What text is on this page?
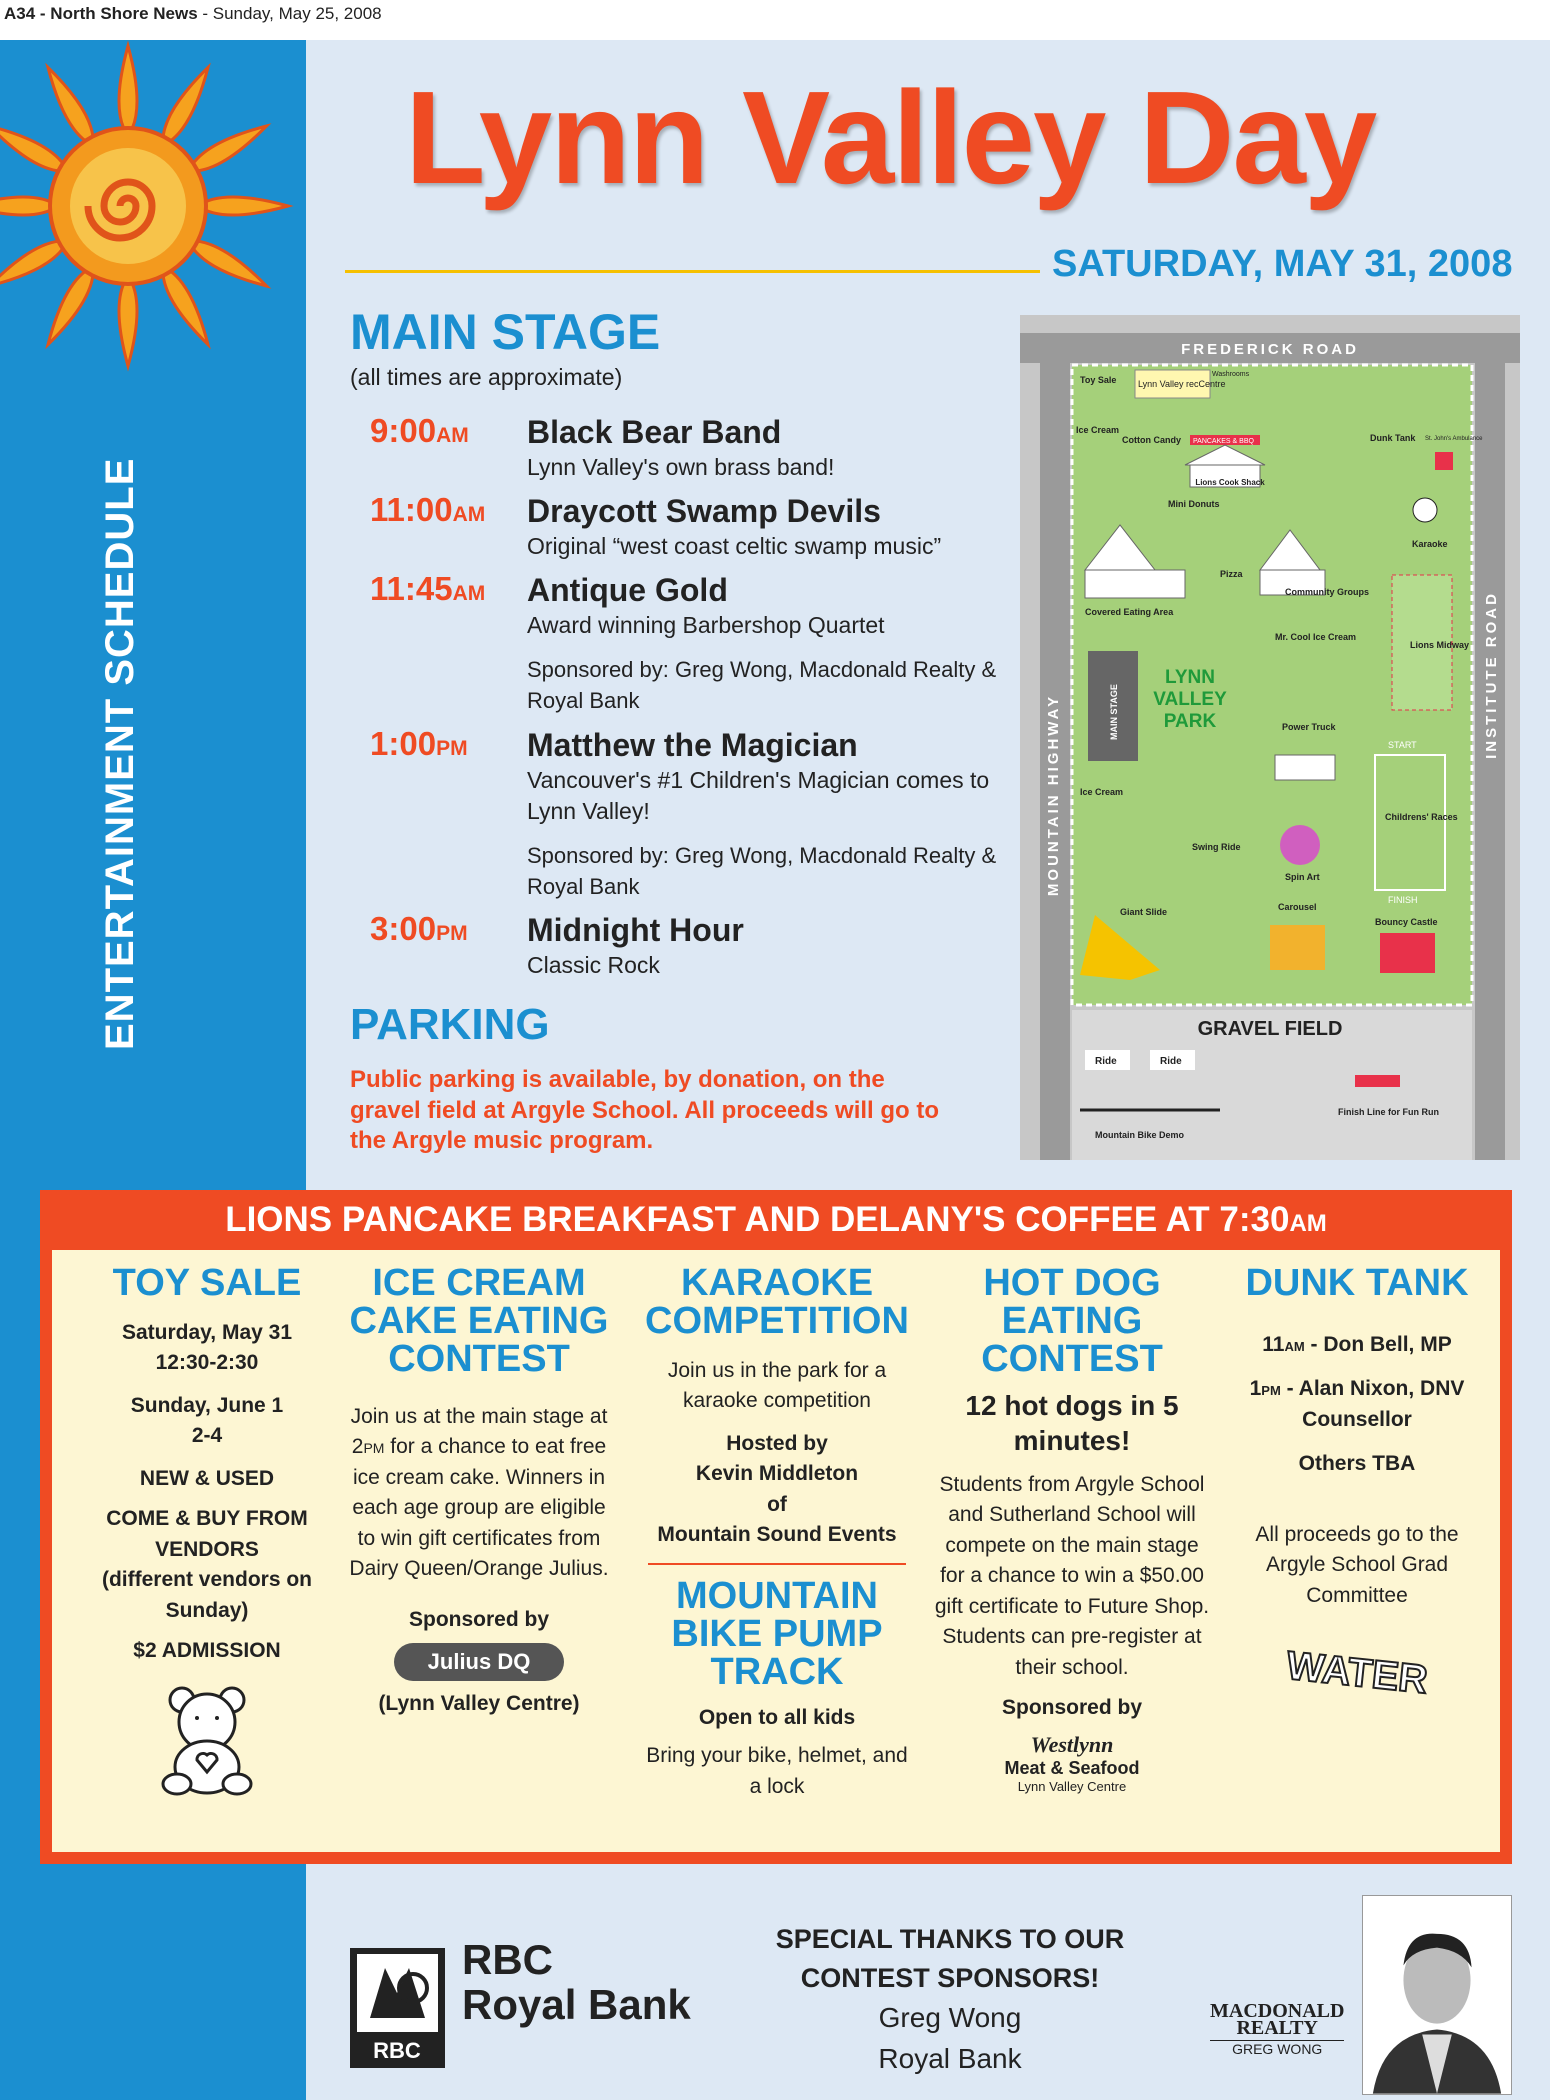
A34 - North Shore News - Sunday, May 25, 2008
ENTERTAINMENT SCHEDULE
Lynn Valley Day
SATURDAY, MAY 31, 2008
MAIN STAGE
(all times are approximate)
9:00AM	Black Bear Band
Lynn Valley's own brass band!
11:00AM	Draycott Swamp Devils
Original “west coast celtic swamp music”
11:45AM	Antique Gold
Award winning Barbershop Quartet
Sponsored by: Greg Wong, Macdonald Realty & Royal Bank
1:00PM	Matthew the Magician
Vancouver's #1 Children's Magician comes to Lynn Valley!
Sponsored by: Greg Wong, Macdonald Realty & Royal Bank
3:00PM	Midnight Hour
Classic Rock
PARKING
Public parking is available, by donation, on the gravel field at Argyle School. All proceeds will go to the Argyle music program.
FREDERICK ROAD
MOUNTAIN HIGHWAY
INSTITUTE ROAD
Toy Sale Lynn Valley recCentre
Washrooms
Ice Cream
Cotton Candy PANCAKES & BBQ
Lions Cook Shack
Dunk Tank St. John's Ambulance
Mini Donuts
Karaoke
Covered Eating Area
Pizza
Community Groups
Lions Midway
MAIN STAGE
LYNN
VALLEY
PARK
Mr. Cool Ice Cream
Power Truck
START
Childrens' Races
FINISH
Ice Cream
Swing Ride
Spin Art
Carousel
Giant Slide
Bouncy Castle
GRAVEL FIELD
Ride	Ride
Mountain Bike Demo
Finish Line for Fun Run
LIONS PANCAKE BREAKFAST AND DELANY'S COFFEE AT 7:30AM
TOY SALE
Saturday, May 31
12:30-2:30
Sunday, June 1
2-4
NEW & USED
COME & BUY FROM VENDORS
(different vendors on Sunday)
$2 ADMISSION
ICE CREAM CAKE EATING CONTEST
Join us at the main stage at 2PM for a chance to eat free ice cream cake. Winners in each age group are eligible to win gift certificates from Dairy Queen/Orange Julius.
Sponsored by
Julius DQ
(Lynn Valley Centre)
KARAOKE COMPETITION
Join us in the park for a karaoke competition
Hosted by
Kevin Middleton
of
Mountain Sound Events
MOUNTAIN BIKE PUMP TRACK
Open to all kids
Bring your bike, helmet, and a lock
HOT DOG EATING CONTEST
12 hot dogs in 5 minutes!
Students from Argyle School and Sutherland School will compete on the main stage for a chance to win a $50.00 gift certificate to Future Shop. Students can pre-register at their school.
Sponsored by
Westlynn
Meat & Seafood
Lynn Valley Centre
DUNK TANK
11AM - Don Bell, MP
1PM - Alan Nixon, DNV Counsellor
Others TBA
All proceeds go to the Argyle School Grad Committee
WATER
RBC
RBC
Royal Bank
SPECIAL THANKS TO OUR CONTEST SPONSORS!
Greg Wong
Royal Bank
MACDONALD
REALTY
GREG WONG
